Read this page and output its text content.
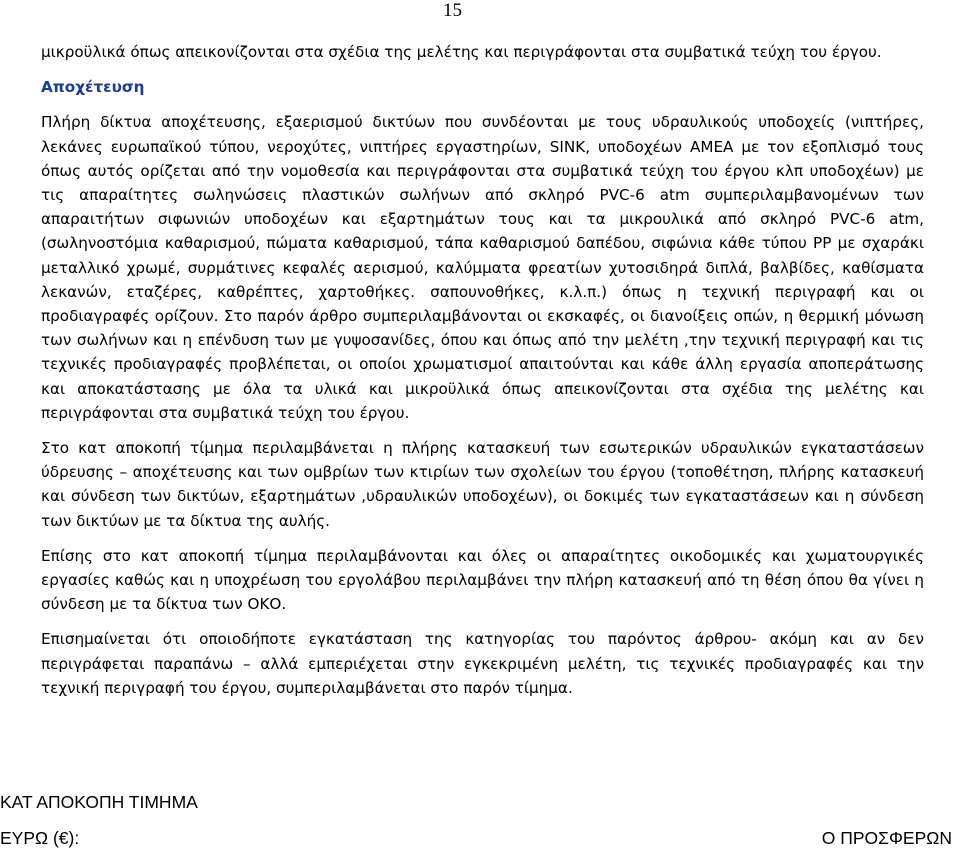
15

μικροϋλικά όπως απεικονίζονται στα σχέδια της μελέτης και περιγράφονται στα συμβατικά τεύχη του έργου.

Αποχέτευση

Πλήρη δίκτυα αποχέτευσης, εξαερισμού δικτύων που συνδέονται με τους υδραυλικούς υποδοχείς (νιπτήρες, λεκάνες ευρωπαϊκού τύπου, νεροχύτες, νιπτήρες εργαστηρίων, SINK, υποδοχέων ΑΜΕΑ με τον εξοπλισμό τους όπως αυτός ορίζεται από την νομοθεσία και περιγράφονται στα συμβατικά τεύχη του έργου κλπ υποδοχέων) με τις απαραίτητες σωληνώσεις πλαστικών σωλήνων από σκληρό PVC-6 atm συμπεριλαμβανομένων των απαραιτήτων σιφωνιών υποδοχέων και εξαρτημάτων τους και τα μικρουλικά από σκληρό PVC-6 atm, (σωληνοστόμια καθαρισμού, πώματα καθαρισμού, τάπα καθαρισμού δαπέδου, σιφώνια κάθε τύπου PP με σχαράκι μεταλλικό χρωμέ, συρμάτινες κεφαλές αερισμού, καλύμματα φρεατίων χυτοσιδηρά διπλά, βαλβίδες, καθίσματα λεκανών, εταζέρες, καθρέπτες, χαρτοθήκες. σαπουνοθήκες, κ.λ.π.) όπως η τεχνική περιγραφή και οι προδιαγραφές ορίζουν. Στο παρόν άρθρο συμπεριλαμβάνονται οι εκσκαφές, οι διανοίξεις οπών, η θερμική μόνωση των σωλήνων και η επένδυση των με γυψοσανίδες, όπου και όπως από την μελέτη ,την τεχνική περιγραφή και τις τεχνικές προδιαγραφές προβλέπεται, οι οποίοι χρωματισμοί απαιτούνται και κάθε άλλη εργασία αποπεράτωσης και αποκατάστασης με όλα τα υλικά και μικροϋλικά όπως απεικονίζονται στα σχέδια της μελέτης και περιγράφονται στα συμβατικά τεύχη του έργου.

Στο κατ αποκοπή τίμημα περιλαμβάνεται η πλήρης κατασκευή των εσωτερικών υδραυλικών εγκαταστάσεων ύδρευσης – αποχέτευσης και των ομβρίων των κτιρίων των σχολείων του έργου (τοποθέτηση, πλήρης κατασκευή και σύνδεση των δικτύων, εξαρτημάτων ,υδραυλικών υποδοχέων), οι δοκιμές των εγκαταστάσεων και η σύνδεση των δικτύων με τα δίκτυα της αυλής.

Επίσης στο κατ αποκοπή τίμημα περιλαμβάνονται και όλες οι απαραίτητες οικοδομικές και χωματουργικές εργασίες καθώς και η υποχρέωση του εργολάβου περιλαμβάνει την πλήρη κατασκευή από τη θέση όπου θα γίνει η σύνδεση με τα δίκτυα των ΟΚΟ.

Επισημαίνεται ότι οποιοδήποτε εγκατάσταση της κατηγορίας του παρόντος άρθρου- ακόμη και αν δεν περιγράφεται παραπάνω – αλλά εμπεριέχεται στην εγκεκριμένη μελέτη, τις τεχνικές προδιαγραφές και την τεχνική περιγραφή του έργου, συμπεριλαμβάνεται στο παρόν τίμημα.

ΚΑΤ ΑΠΟΚΟΠΗ ΤΙΜΗΜΑ
ΕΥΡΩ (€):	Ο ΠΡΟΣΦΕΡΩΝ
